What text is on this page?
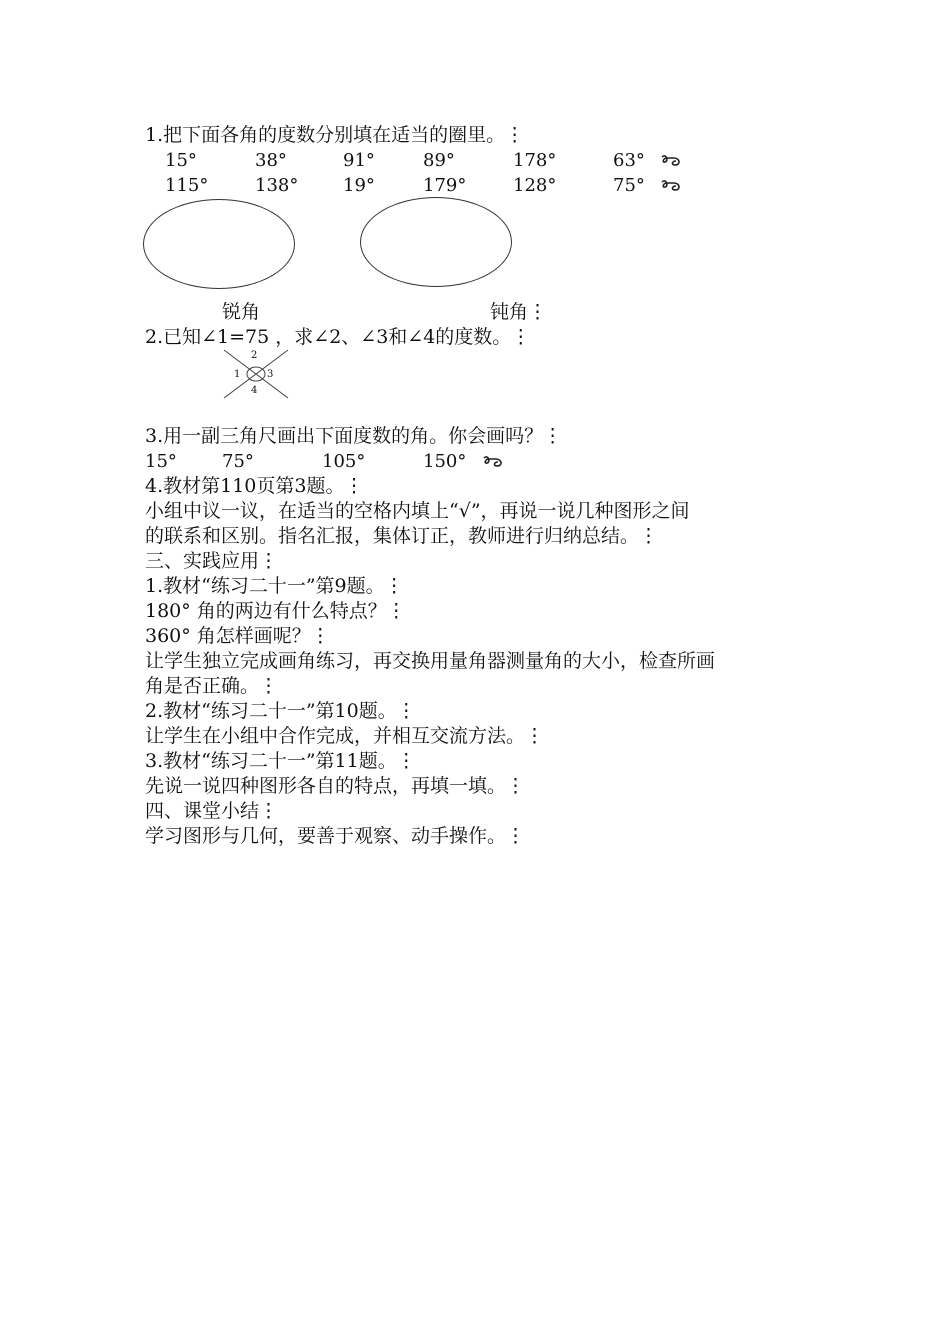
1.把下面各角的度数分别填在适当的圈里。⋮
15°	38°	91°	89°	178°	63°
115°	138° 19°	179°	128°	75°
锐角	钝角⋮
2.已知∠1=75 ，求∠2、∠3和∠4的度数。⋮
2
1	3
4
3.用一副三角尺画出下面度数的角。你会画吗？⋮
15°	75°	105°	150°
4.教材第110页第3题。⋮
小组中议一议，在适当的空格内填上“√”，再说一说几种图形之间
的联系和区别。指名汇报，集体订正，教师进行归纳总结。⋮
三、实践应用⋮
1.教材“练习二十一”第9题。⋮
180° 角的两边有什么特点？⋮
360° 角怎样画呢？⋮
让学生独立完成画角练习，再交换用量角器测量角的大小，检查所画
角是否正确。⋮
2.教材“练习二十一”第10题。⋮
让学生在小组中合作完成，并相互交流方法。⋮
3.教材“练习二十一”第11题。⋮
先说一说四种图形各自的特点，再填一填。⋮
四、课堂小结⋮
学习图形与几何，要善于观察、动手操作。⋮
